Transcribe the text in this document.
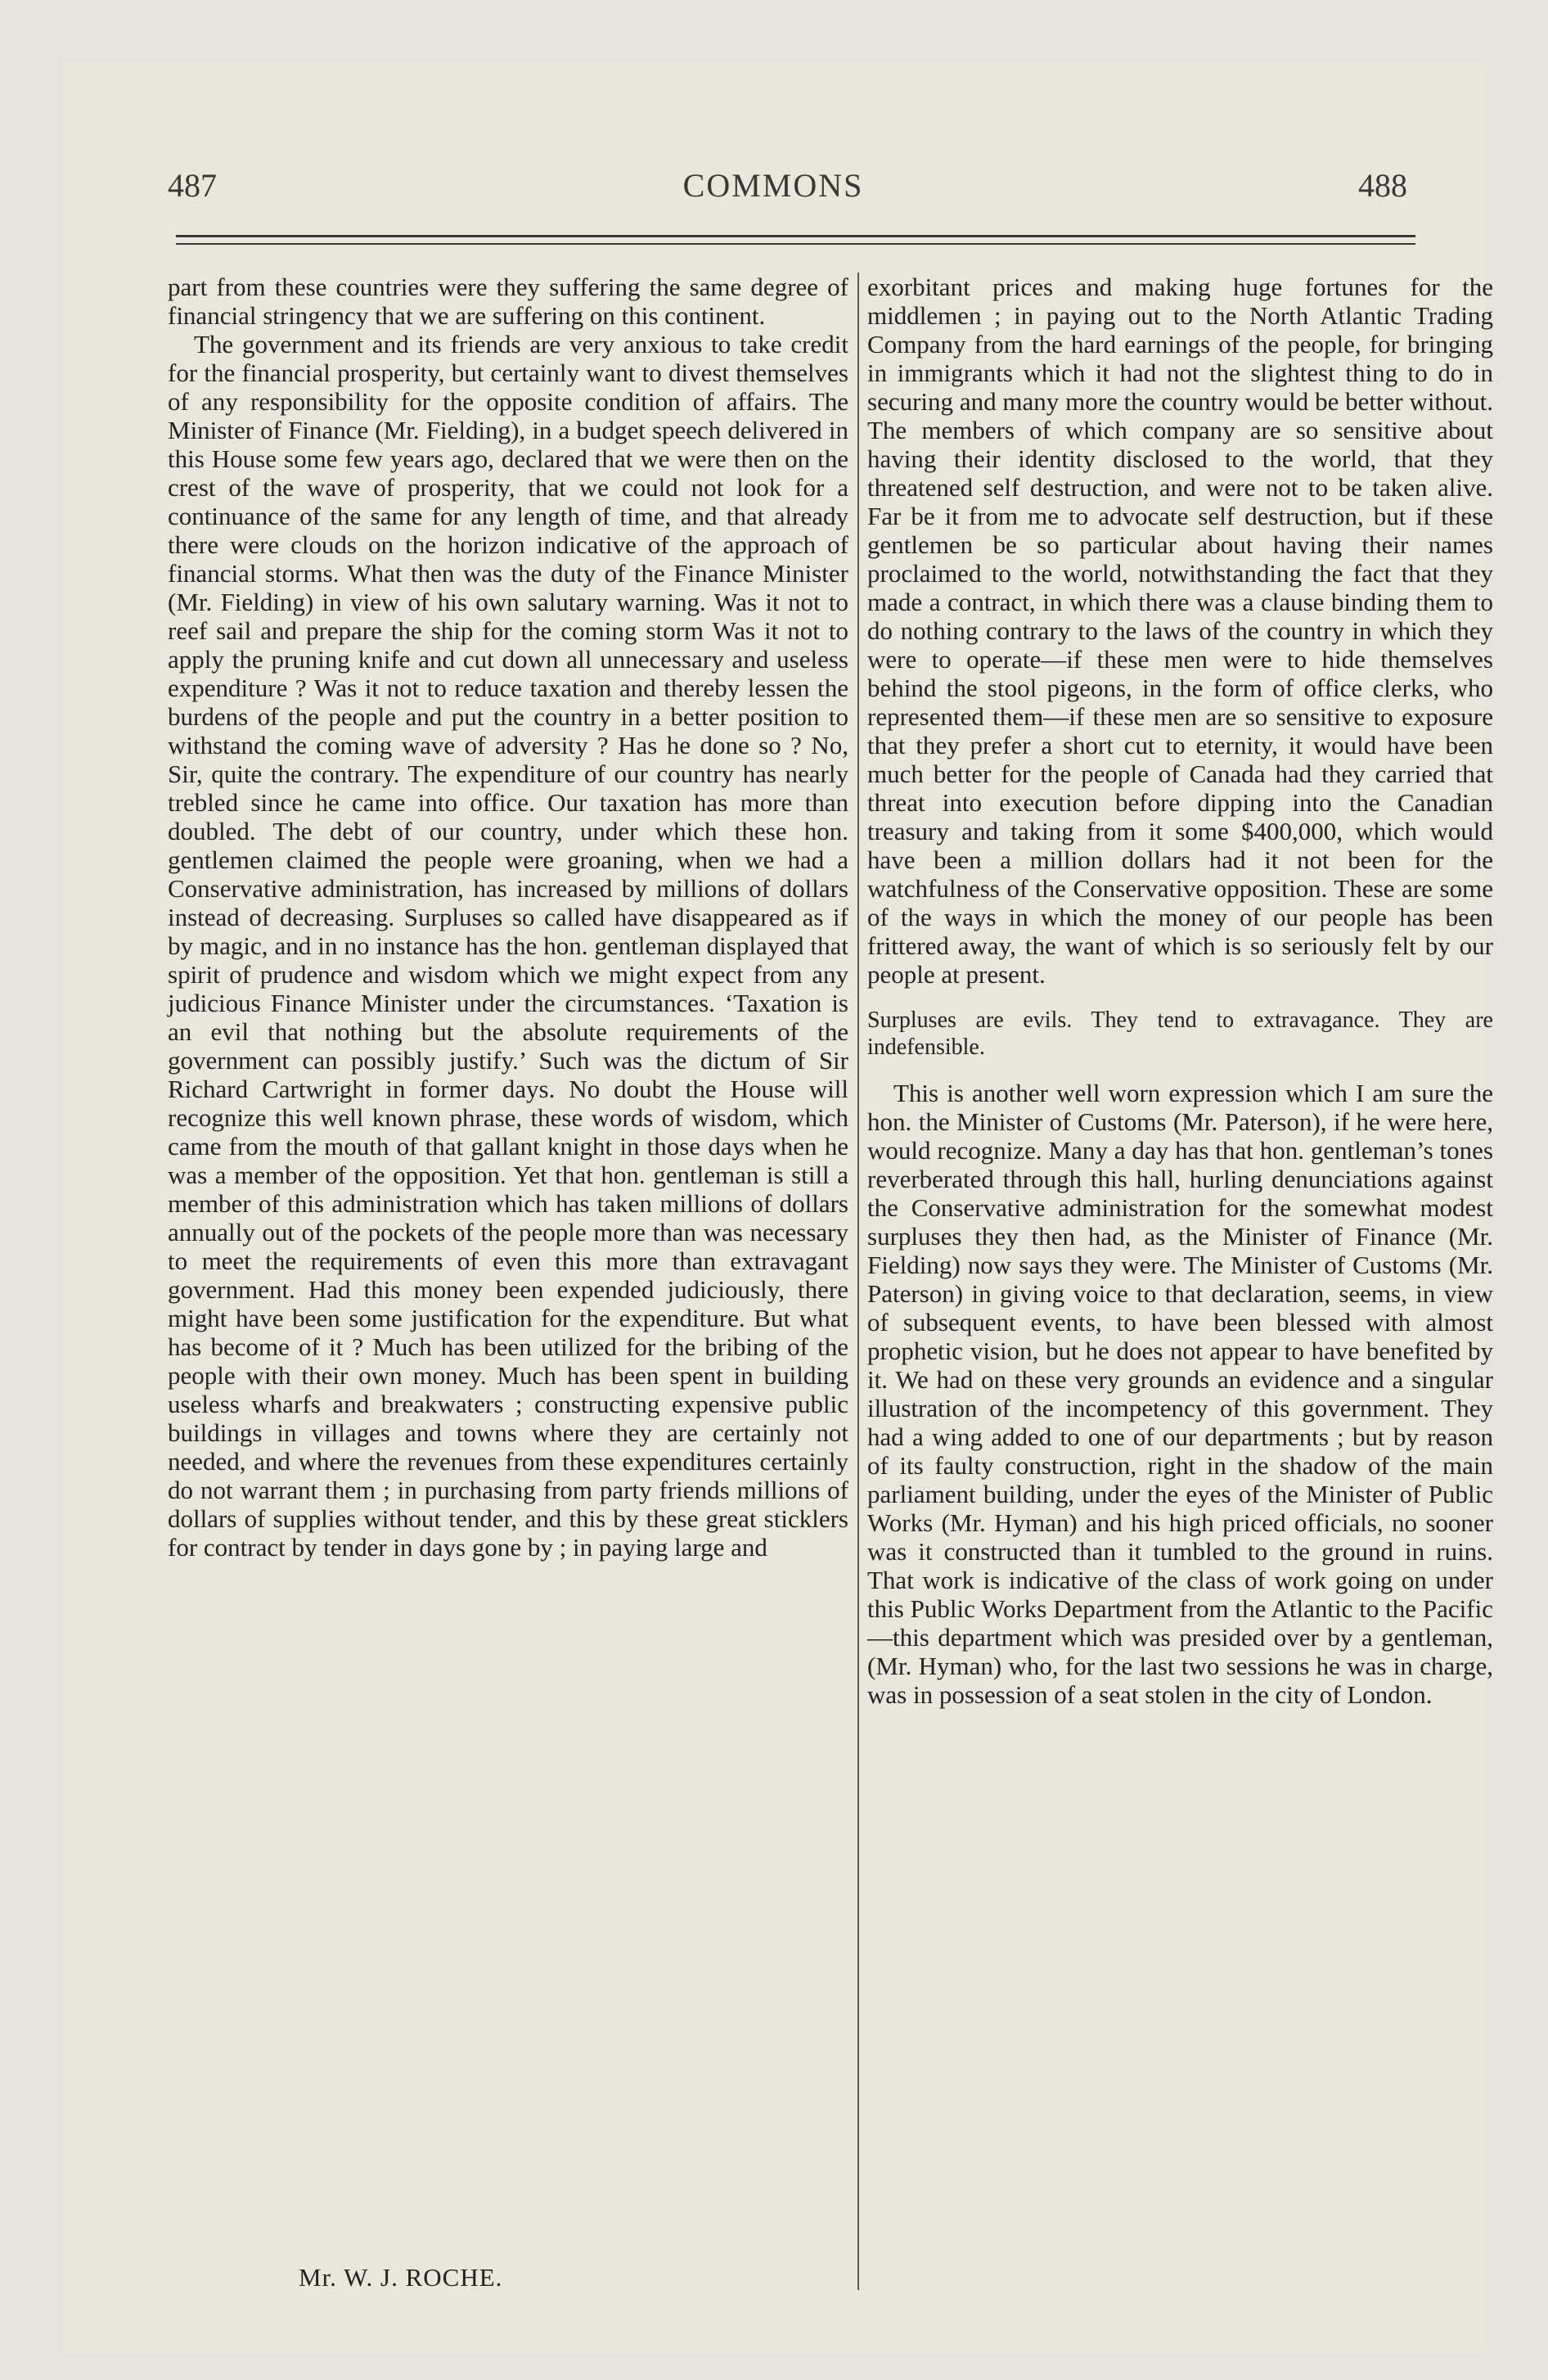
487	COMMONS	488

part from these countries were they suffering the same degree of financial stringency that we are suffering on this continent.

The government and its friends are very anxious to take credit for the financial prosperity, but certainly want to divest themselves of any responsibility for the opposite condition of affairs. The Minister of Finance (Mr. Fielding), in a budget speech delivered in this House some few years ago, declared that we were then on the crest of the wave of prosperity, that we could not look for a continuance of the same for any length of time, and that already there were clouds on the horizon indicative of the approach of financial storms. What then was the duty of the Finance Minister (Mr. Fielding) in view of his own salutary warning. Was it not to reef sail and prepare the ship for the coming storm Was it not to apply the pruning knife and cut down all unnecessary and useless expenditure ? Was it not to reduce taxation and thereby lessen the burdens of the people and put the country in a better position to withstand the coming wave of adversity ? Has he done so ? No, Sir, quite the contrary. The expenditure of our country has nearly trebled since he came into office. Our taxation has more than doubled. The debt of our country, under which these hon. gentlemen claimed the people were groaning, when we had a Conservative administration, has increased by millions of dollars instead of decreasing. Surpluses so called have disappeared as if by magic, and in no instance has the hon. gentleman displayed that spirit of prudence and wisdom which we might expect from any judicious Finance Minister under the circumstances. ‘Taxation is an evil that nothing but the absolute requirements of the government can possibly justify.’ Such was the dictum of Sir Richard Cartwright in former days. No doubt the House will recognize this well known phrase, these words of wisdom, which came from the mouth of that gallant knight in those days when he was a member of the opposition. Yet that hon. gentleman is still a member of this administration which has taken millions of dollars annually out of the pockets of the people more than was necessary to meet the requirements of even this more than extravagant government. Had this money been expended judiciously, there might have been some justification for the expenditure. But what has become of it ? Much has been utilized for the bribing of the people with their own money. Much has been spent in building useless wharfs and breakwaters ; constructing expensive public buildings in villages and towns where they are certainly not needed, and where the revenues from these expenditures certainly do not warrant them ; in purchasing from party friends millions of dollars of supplies without tender, and this by these great sticklers for contract by tender in days gone by ; in paying large and

exorbitant prices and making huge fortunes for the middlemen ; in paying out to the North Atlantic Trading Company from the hard earnings of the people, for bringing in immigrants which it had not the slightest thing to do in securing and many more the country would be better without. The members of which company are so sensitive about having their identity disclosed to the world, that they threatened self destruction, and were not to be taken alive. Far be it from me to advocate self destruction, but if these gentlemen be so particular about having their names proclaimed to the world, notwithstanding the fact that they made a contract, in which there was a clause binding them to do nothing contrary to the laws of the country in which they were to operate—if these men were to hide themselves behind the stool pigeons, in the form of office clerks, who represented them—if these men are so sensitive to exposure that they prefer a short cut to eternity, it would have been much better for the people of Canada had they carried that threat into execution before dipping into the Canadian treasury and taking from it some $400,000, which would have been a million dollars had it not been for the watchfulness of the Conservative opposition. These are some of the ways in which the money of our people has been frittered away, the want of which is so seriously felt by our people at present.

Surpluses are evils. They tend to extravagance. They are indefensible.

This is another well worn expression which I am sure the hon. the Minister of Customs (Mr. Paterson), if he were here, would recognize. Many a day has that hon. gentleman’s tones reverberated through this hall, hurling denunciations against the Conservative administration for the somewhat modest surpluses they then had, as the Minister of Finance (Mr. Fielding) now says they were. The Minister of Customs (Mr. Paterson) in giving voice to that declaration, seems, in view of subsequent events, to have been blessed with almost prophetic vision, but he does not appear to have benefited by it. We had on these very grounds an evidence and a singular illustration of the incompetency of this government. They had a wing added to one of our departments ; but by reason of its faulty construction, right in the shadow of the main parliament building, under the eyes of the Minister of Public Works (Mr. Hyman) and his high priced officials, no sooner was it constructed than it tumbled to the ground in ruins. That work is indicative of the class of work going on under this Public Works Department from the Atlantic to the Pacific—this department which was presided over by a gentleman, (Mr. Hyman) who, for the last two sessions he was in charge, was in possession of a seat stolen in the city of London.

Mr. W. J. ROCHE.
